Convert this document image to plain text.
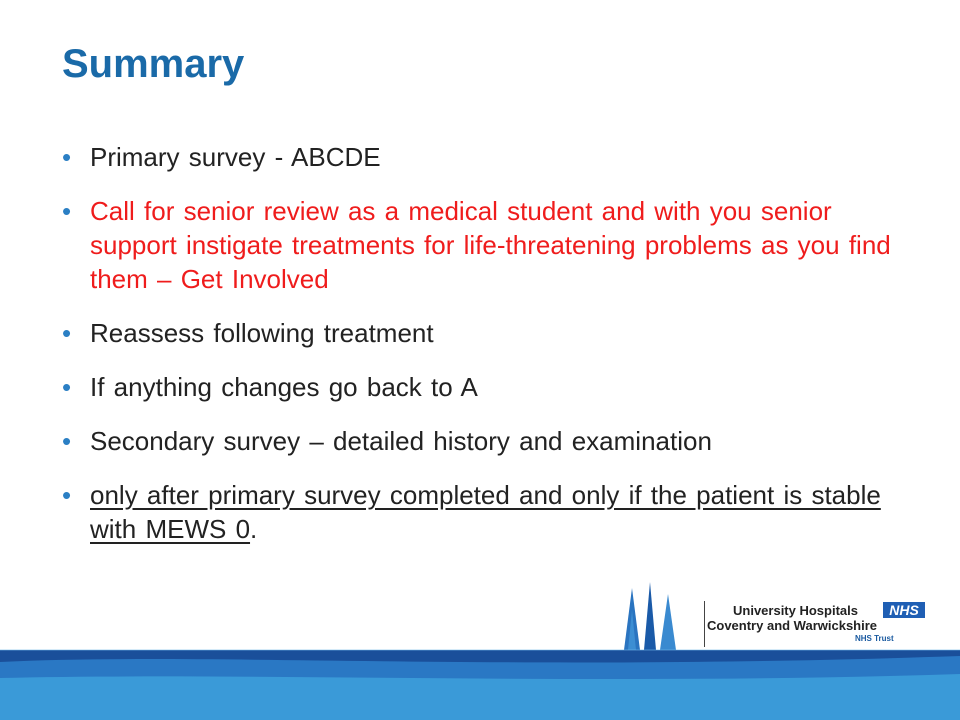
Summary
• Primary survey - ABCDE
• Call for senior review as a medical student and with you senior support instigate treatments for life-threatening problems as you find them – Get Involved
• Reassess following treatment
• If anything changes go back to A
• Secondary survey – detailed history and examination
• only after primary survey completed and only if the patient is stable with MEWS 0.
University Hospitals	NHS
Coventry and Warwickshire
NHS Trust
